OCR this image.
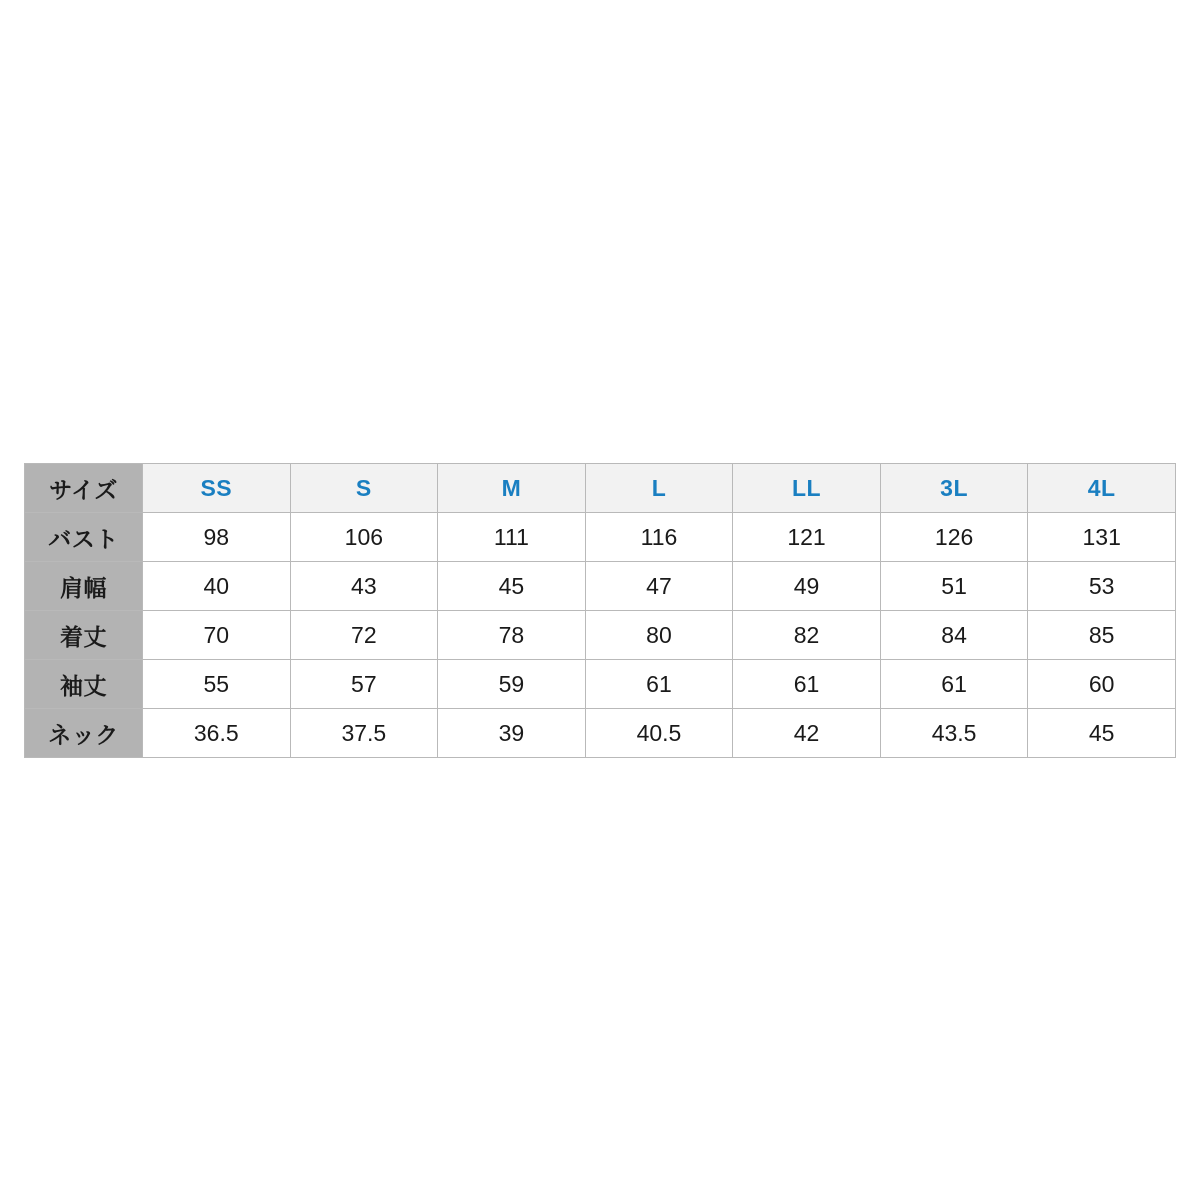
サイズ	SS	S	M	L	LL	3L	4L
バスト	98	106	111	116	121	126	131
肩幅	40	43	45	47	49	51	53
着丈	70	72	78	80	82	84	85
袖丈	55	57	59	61	61	61	60
ネック	36.5	37.5	39	40.5	42	43.5	45
